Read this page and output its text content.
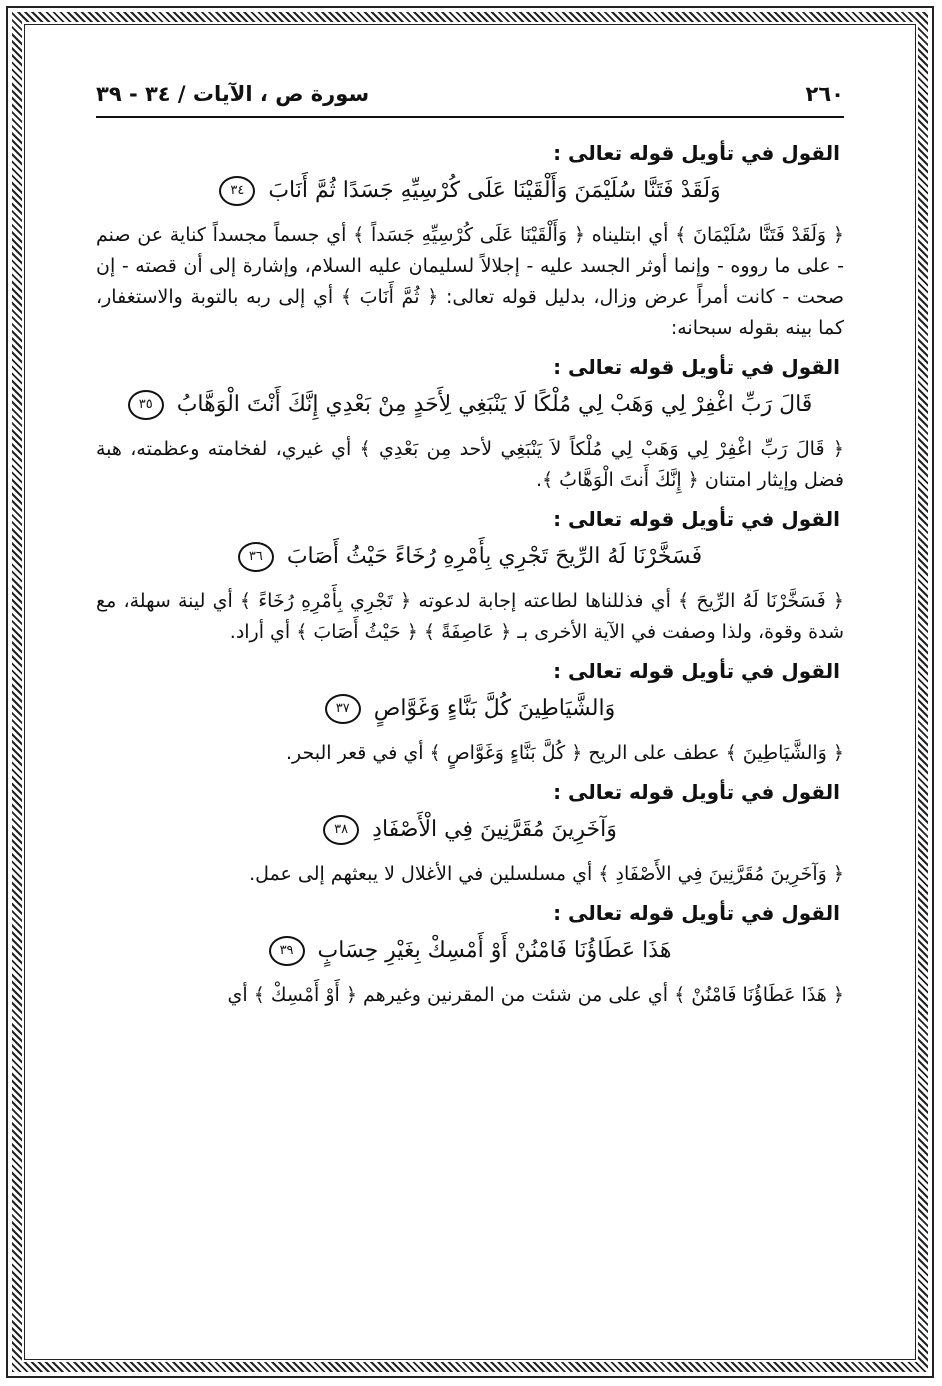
٢٦٠
سورة ص ، الآيات / ٣٤ - ٣٩
القول في تأويل قوله تعالى :
وَلَقَدْ فَتَنَّا سُلَيْمَنَ وَأَلْقَيْنَا عَلَى كُرْسِيِّهِ جَسَدًا ثُمَّ أَنَابَ ٣٤

﴿ وَلَقَدْ فَتَنَّا سُلَيْمَانَ ﴾ أي ابتليناه ﴿ وَأَلْقَيْنَا عَلَى كُرْسِيِّهِ جَسَداً ﴾ أي جسماً مجسداً كناية عن صنم - على ما رووه - وإنما أوثر الجسد عليه - إجلالاً لسليمان عليه السلام، وإشارة إلى أن قصته - إن صحت - كانت أمراً عرض وزال، بدليل قوله تعالى: ﴿ ثُمَّ أَنَابَ ﴾ أي إلى ربه بالتوبة والاستغفار، كما بينه بقوله سبحانه:

القول في تأويل قوله تعالى :
قَالَ رَبِّ اغْفِرْ لِي وَهَبْ لِي مُلْكًا لَا يَنْبَغِي لِأَحَدٍ مِنْ بَعْدِي إِنَّكَ أَنْتَ الْوَهَّابُ ٣٥

﴿ قَالَ رَبِّ اغْفِرْ لِي وَهَبْ لِي مُلْكاً لاَ يَنْبَغِي لأحد مِن بَعْدِي ﴾ أي غيري، لفخامته وعظمته، هبة فضل وإيثار امتنان ﴿ إِنَّكَ أَنتَ الْوَهَّابُ ﴾.

القول في تأويل قوله تعالى :
فَسَخَّرْنَا لَهُ الرِّيحَ تَجْرِي بِأَمْرِهِ رُخَاءً حَيْثُ أَصَابَ ٣٦

﴿ فَسَخَّرْنَا لَهُ الرِّيحَ ﴾ أي فذللناها لطاعته إجابة لدعوته ﴿ تَجْرِي بِأَمْرِهِ رُخَاءً ﴾ أي لينة سهلة، مع شدة وقوة، ولذا وصفت في الآية الأخرى بـ ﴿ عَاصِفَةً ﴾ ﴿ حَيْثُ أَصَابَ ﴾ أي أراد.

القول في تأويل قوله تعالى :
وَالشَّيَاطِينَ كُلَّ بَنَّاءٍ وَغَوَّاصٍ ٣٧

﴿ وَالشَّيَاطِينَ ﴾ عطف على الريح ﴿ كُلَّ بَنَّاءٍ وَغَوَّاصٍ ﴾ أي في قعر البحر.

القول في تأويل قوله تعالى :
وَآخَرِينَ مُقَرَّنِينَ فِي الْأَصْفَادِ ٣٨

﴿ وَآخَرِينَ مُقَرَّنِينَ فِي الأَصْفَادِ ﴾ أي مسلسلين في الأغلال لا يبعثهم إلى عمل.

القول في تأويل قوله تعالى :
هَذَا عَطَاؤُنَا فَامْنُنْ أَوْ أَمْسِكْ بِغَيْرِ حِسَابٍ ٣٩

﴿ هَذَا عَطَاؤُنَا فَامْنُنْ ﴾ أي على من شئت من المقرنين وغيرهم ﴿ أَوْ أَمْسِكْ ﴾ أي
